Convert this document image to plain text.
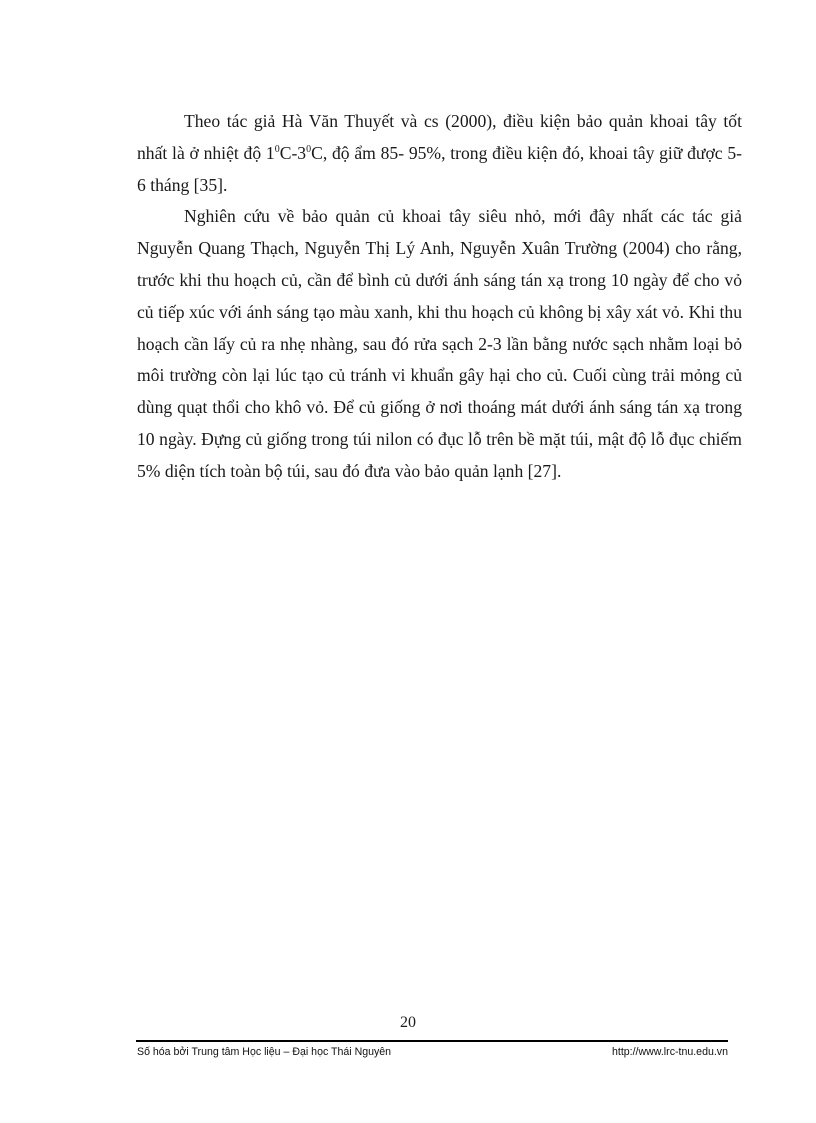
Theo tác giả Hà Văn Thuyết và cs (2000), điều kiện bảo quản khoai tây tốt nhất là ở nhiệt độ $1^0C-3^0C$, độ ẩm 85- 95%, trong điều kiện đó, khoai tây giữ được 5-6 tháng [35].

Nghiên cứu về bảo quản củ khoai tây siêu nhỏ, mới đây nhất các tác giả Nguyễn Quang Thạch, Nguyễn Thị Lý Anh, Nguyễn Xuân Trường (2004) cho rằng, trước khi thu hoạch củ, cần để bình củ dưới ánh sáng tán xạ trong 10 ngày để cho vỏ củ tiếp xúc với ánh sáng tạo màu xanh, khi thu hoạch củ không bị xây xát vỏ. Khi thu hoạch cần lấy củ ra nhẹ nhàng, sau đó rửa sạch 2-3 lần bằng nước sạch nhằm loại bỏ môi trường còn lại lúc tạo củ tránh vi khuẩn gây hại cho củ. Cuối cùng trải mỏng củ dùng quạt thổi cho khô vỏ. Để củ giống ở nơi thoáng mát dưới ánh sáng tán xạ trong 10 ngày. Đựng củ giống trong túi nilon có đục lỗ trên bề mặt túi, mật độ lỗ đục chiếm 5% diện tích toàn bộ túi, sau đó đưa vào bảo quản lạnh [27].

20
Số hóa bởi Trung tâm Học liệu – Đại học Thái Nguyên	http://www.lrc-tnu.edu.vn
